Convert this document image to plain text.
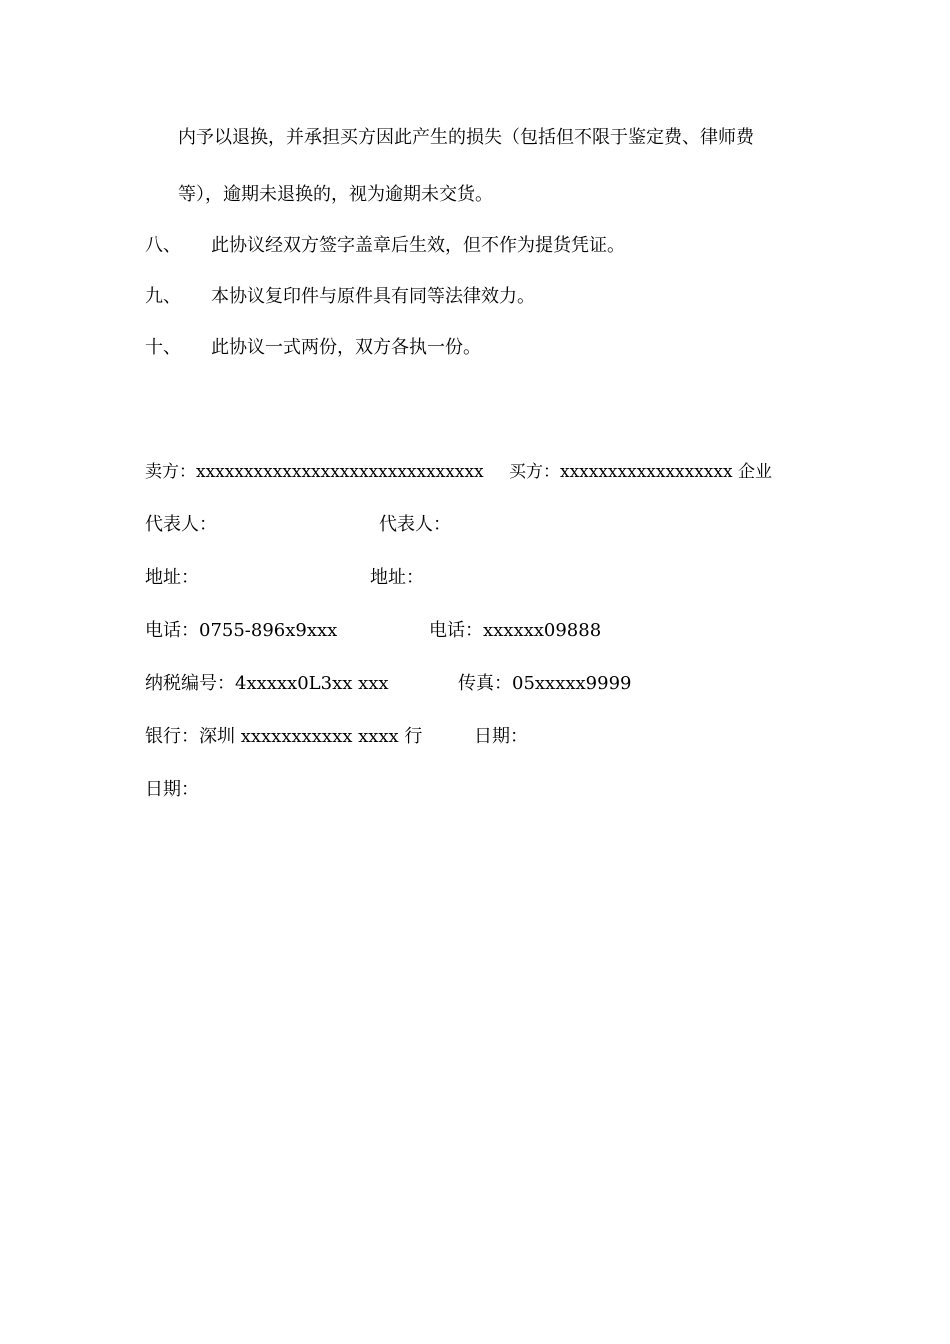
内予以退换，并承担买方因此产生的损失（包括但不限于鉴定费、律师费
等），逾期未退换的，视为逾期未交货。
八、 此协议经双方签字盖章后生效，但不作为提货凭证。
九、 本协议复印件与原件具有同等法律效力。
十、 此协议一式两份，双方各执一份。
卖方：xxxxxxxxxxxxxxxxxxxxxxxxxxxxxx
代表人：
地址：
电话：0755-896x9xxx
纳税编号：4xxxxx0L3xx xxx
银行：深圳 xxxxxxxxxxx xxxx 行
日期：
买方：xxxxxxxxxxxxxxxxxx 企业
代表人：
地址：
电话：xxxxxx09888
传真：05xxxxx9999
日期：
